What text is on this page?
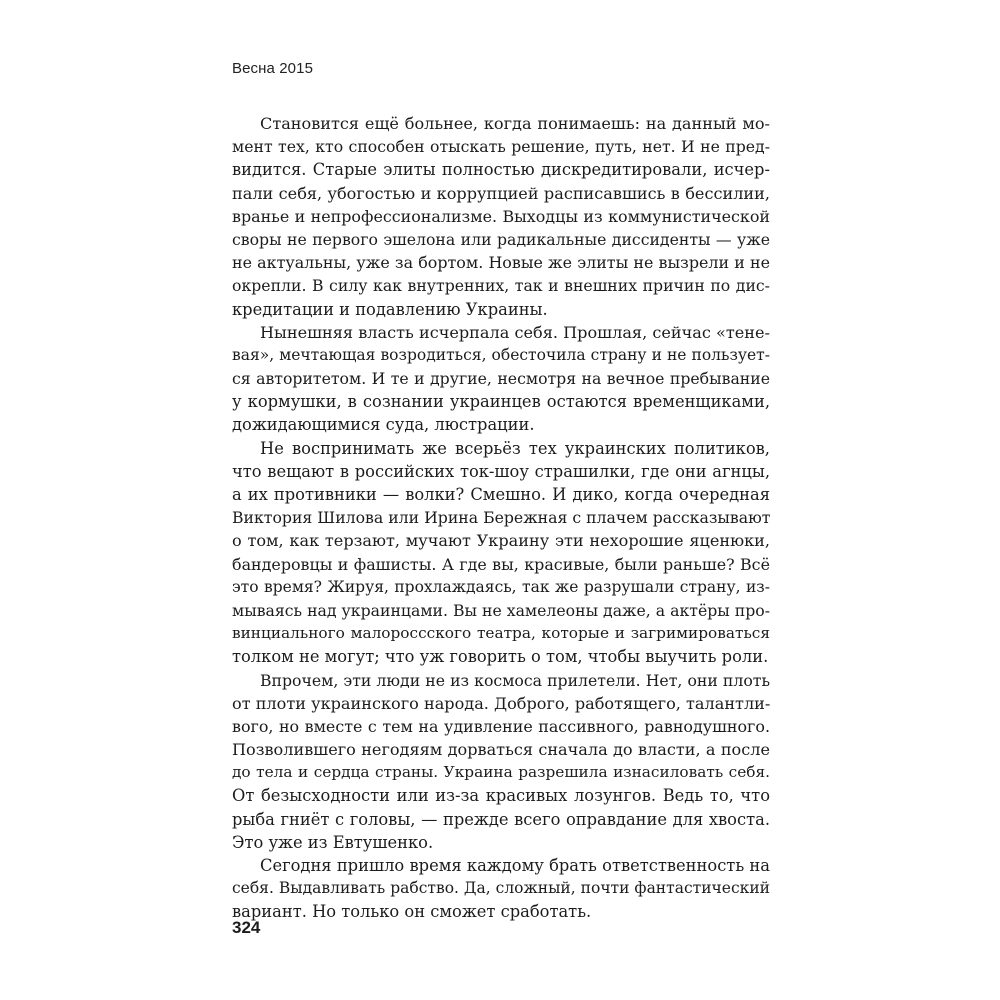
Весна 2015
Становится ещё больнее, когда понимаешь: на данный мо-
мент тех, кто способен отыскать решение, путь, нет. И не пред-
видится. Старые элиты полностью дискредитировали, исчер-
пали себя, убогостью и коррупцией расписавшись в бессилии,
вранье и непрофессионализме. Выходцы из коммунистической
своры не первого эшелона или радикальные диссиденты — уже
не актуальны, уже за бортом. Новые же элиты не вызрели и не
окрепли. В силу как внутренних, так и внешних причин по дис-
кредитации и подавлению Украины.
Нынешняя власть исчерпала себя. Прошлая, сейчас «тене-
вая», мечтающая возродиться, обесточила страну и не пользует-
ся авторитетом. И те и другие, несмотря на вечное пребывание
у кормушки, в сознании украинцев остаются временщиками,
дожидающимися суда, люстрации.
Не воспринимать же всерьёз тех украинских политиков,
что вещают в российских ток-шоу страшилки, где они агнцы,
а их противники — волки? Смешно. И дико, когда очередная
Виктория Шилова или Ирина Бережная с плачем рассказывают
о том, как терзают, мучают Украину эти нехорошие яценюки,
бандеровцы и фашисты. А где вы, красивые, были раньше? Всё
это время? Жируя, прохлаждаясь, так же разрушали страну, из-
мываясь над украинцами. Вы не хамелеоны даже, а актёры про-
винциального малороссского театра, которые и загримироваться
толком не могут; что уж говорить о том, чтобы выучить роли.
Впрочем, эти люди не из космоса прилетели. Нет, они плоть
от плоти украинского народа. Доброго, работящего, талантли-
вого, но вместе с тем на удивление пассивного, равнодушного.
Позволившего негодяям дорваться сначала до власти, а после
до тела и сердца страны. Украина разрешила изнасиловать себя.
От безысходности или из-за красивых лозунгов. Ведь то, что
рыба гниёт с головы, — прежде всего оправдание для хвоста.
Это уже из Евтушенко.
Сегодня пришло время каждому брать ответственность на
себя. Выдавливать рабство. Да, сложный, почти фантастический
вариант. Но только он сможет сработать.
324
